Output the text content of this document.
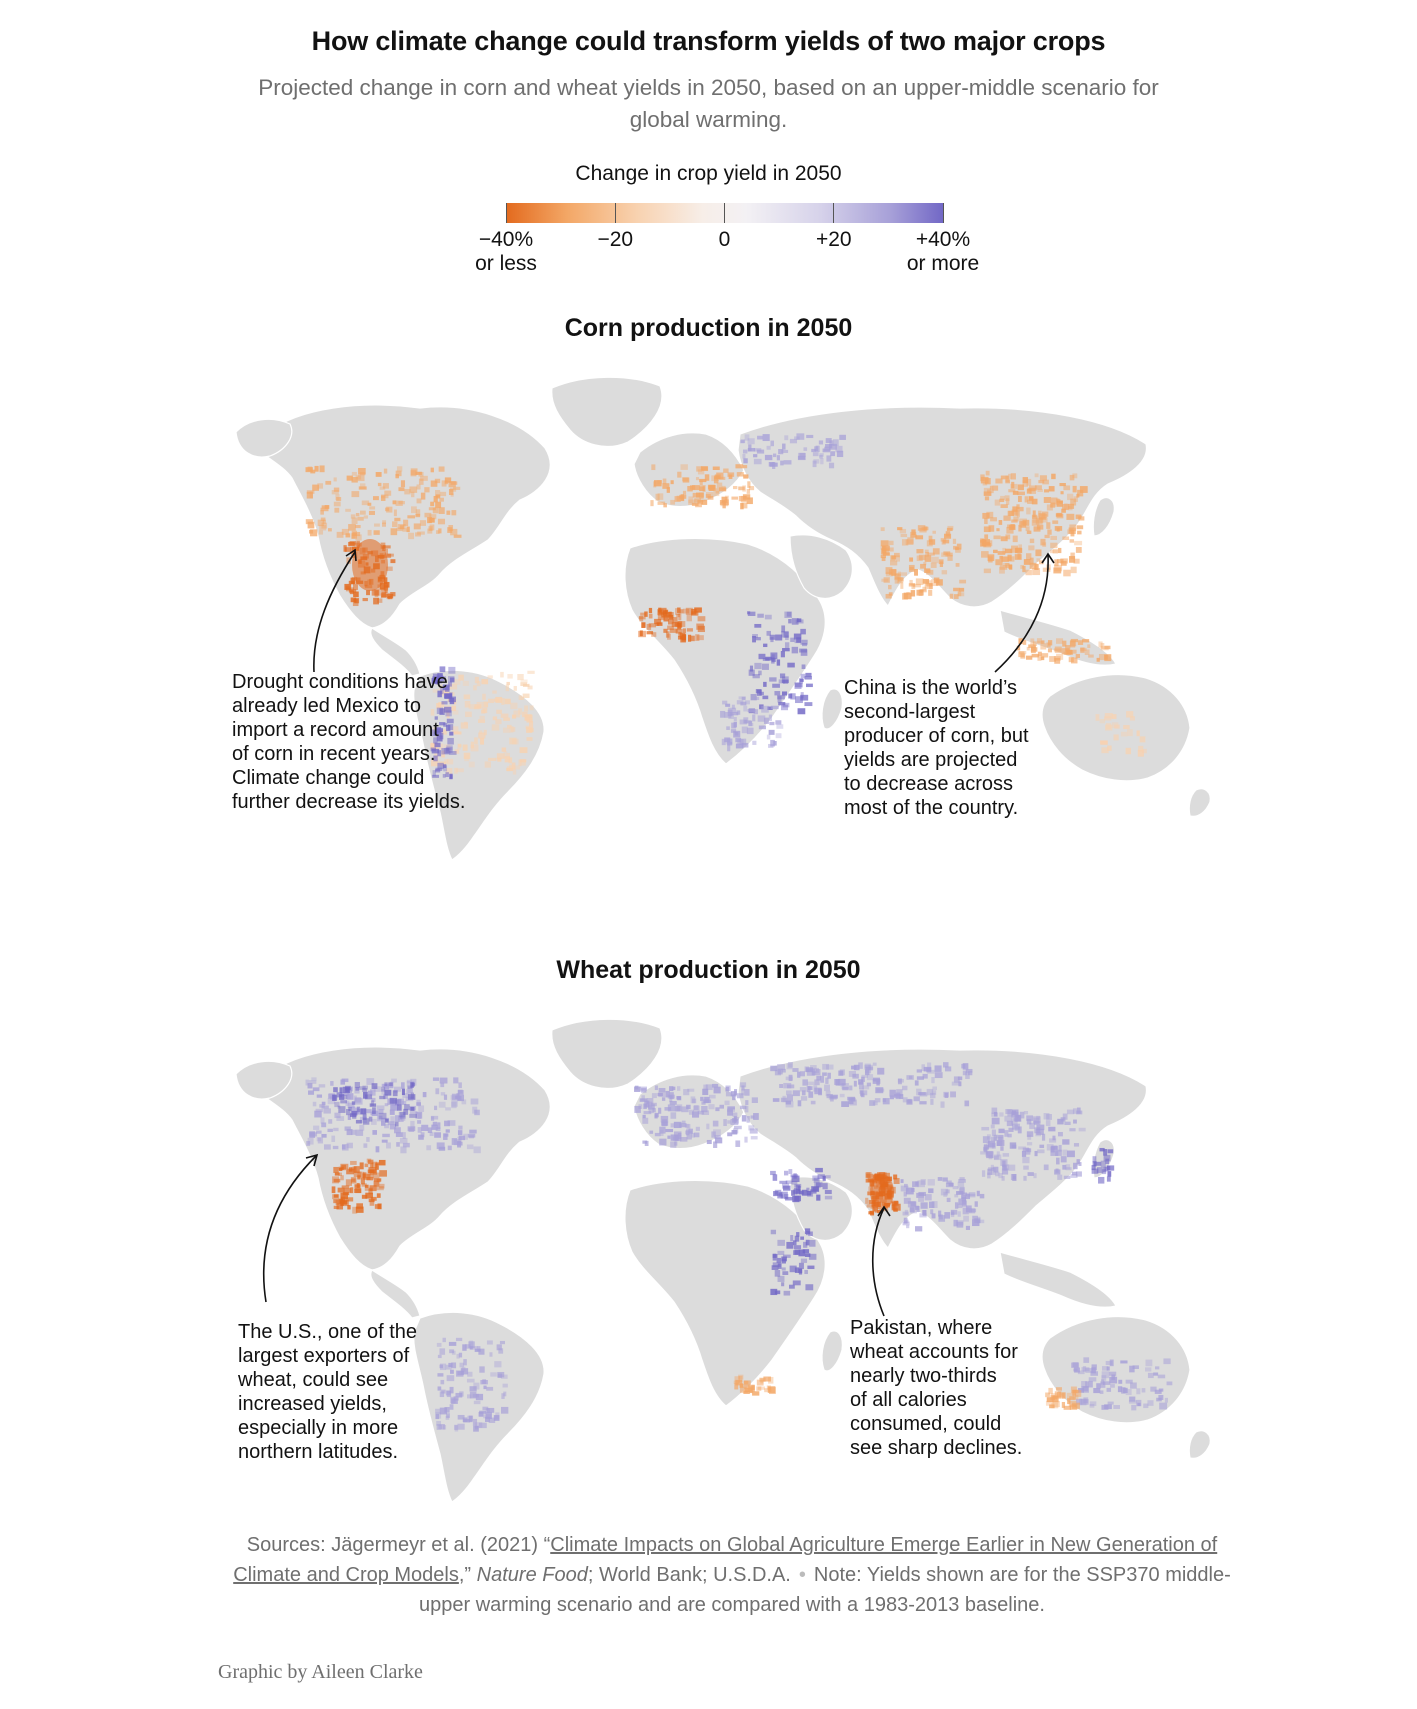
How climate change could transform yields of two major crops
Projected change in corn and wheat yields in 2050, based on an upper-middle scenario for global warming.
Change in crop yield in 2050
−40%
or less
−20	0	+20	+40%
or more
Corn production in 2050
Wheat production in 2050
Drought conditions have
already led Mexico to
import a record amount
of corn in recent years.
Climate change could
further decrease its yields.
China is the world’s
second-largest
producer of corn, but
yields are projected
to decrease across
most of the country.
The U.S., one of the
largest exporters of
wheat, could see
increased yields,
especially in more
northern latitudes.
Pakistan, where
wheat accounts for
nearly two-thirds
of all calories
consumed, could
see sharp declines.
Sources: Jägermeyr et al. (2021) “Climate Impacts on Global Agriculture Emerge Earlier in New Generation of Climate and Crop Models,” Nature Food; World Bank; U.S.D.A. • Note: Yields shown are for the SSP370 middle-upper warming scenario and are compared with a 1983-2013 baseline.
Graphic by Aileen Clarke
